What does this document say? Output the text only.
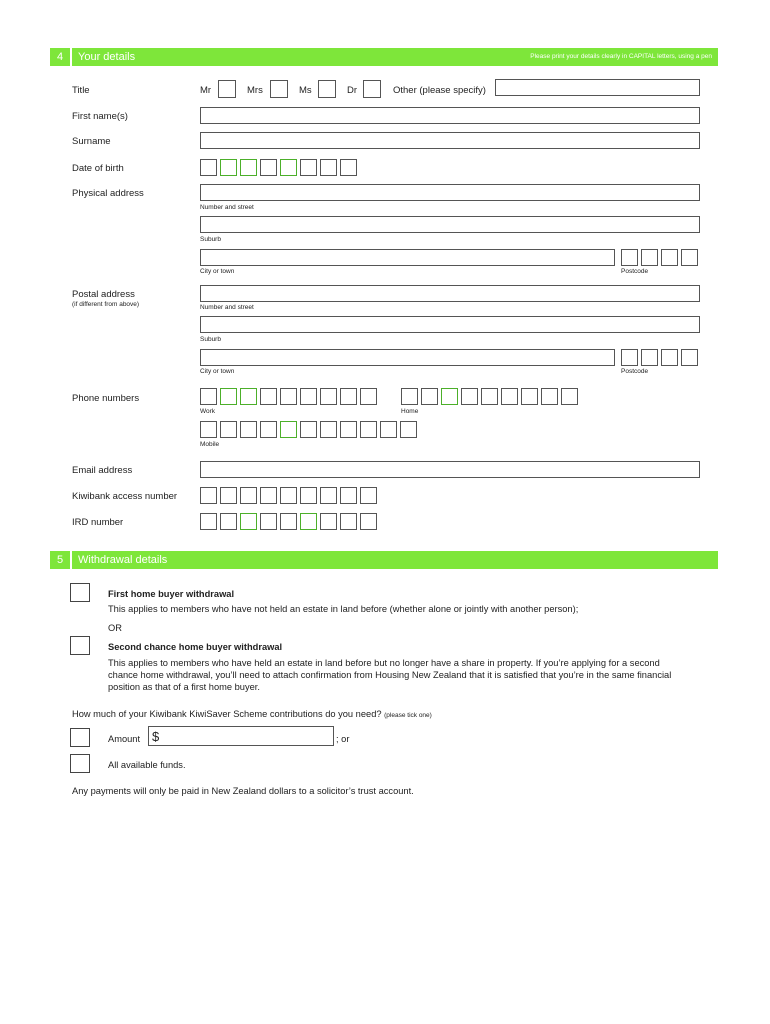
4	Your details	Please print your details clearly in CAPITAL letters, using a pen
Title	Mr	Mrs	Ms	Dr	Other (please specify)
First name(s)
Surname
Date of birth
Physical address
Number and street
Suburb
City or town	Postcode
Postal address
(if different from above)	Number and street
Suburb
City or town	Postcode
Phone numbers
Work	Home
Mobile
Email address
Kiwibank access number
IRD number
5	Withdrawal details
First home buyer withdrawal
This applies to members who have not held an estate in land before (whether alone or jointly with another person);
OR
Second chance home buyer withdrawal
This applies to members who have held an estate in land before but no longer have a share in property. If you’re applying for a second chance home withdrawal, you’ll need to attach confirmation from Housing New Zealand that it is satisfied that you’re in the same financial position as that of a first home buyer.
How much of your Kiwibank KiwiSaver Scheme contributions do you need? (please tick one)
Amount $	; or
All available funds.
Any payments will only be paid in New Zealand dollars to a solicitor’s trust account.
